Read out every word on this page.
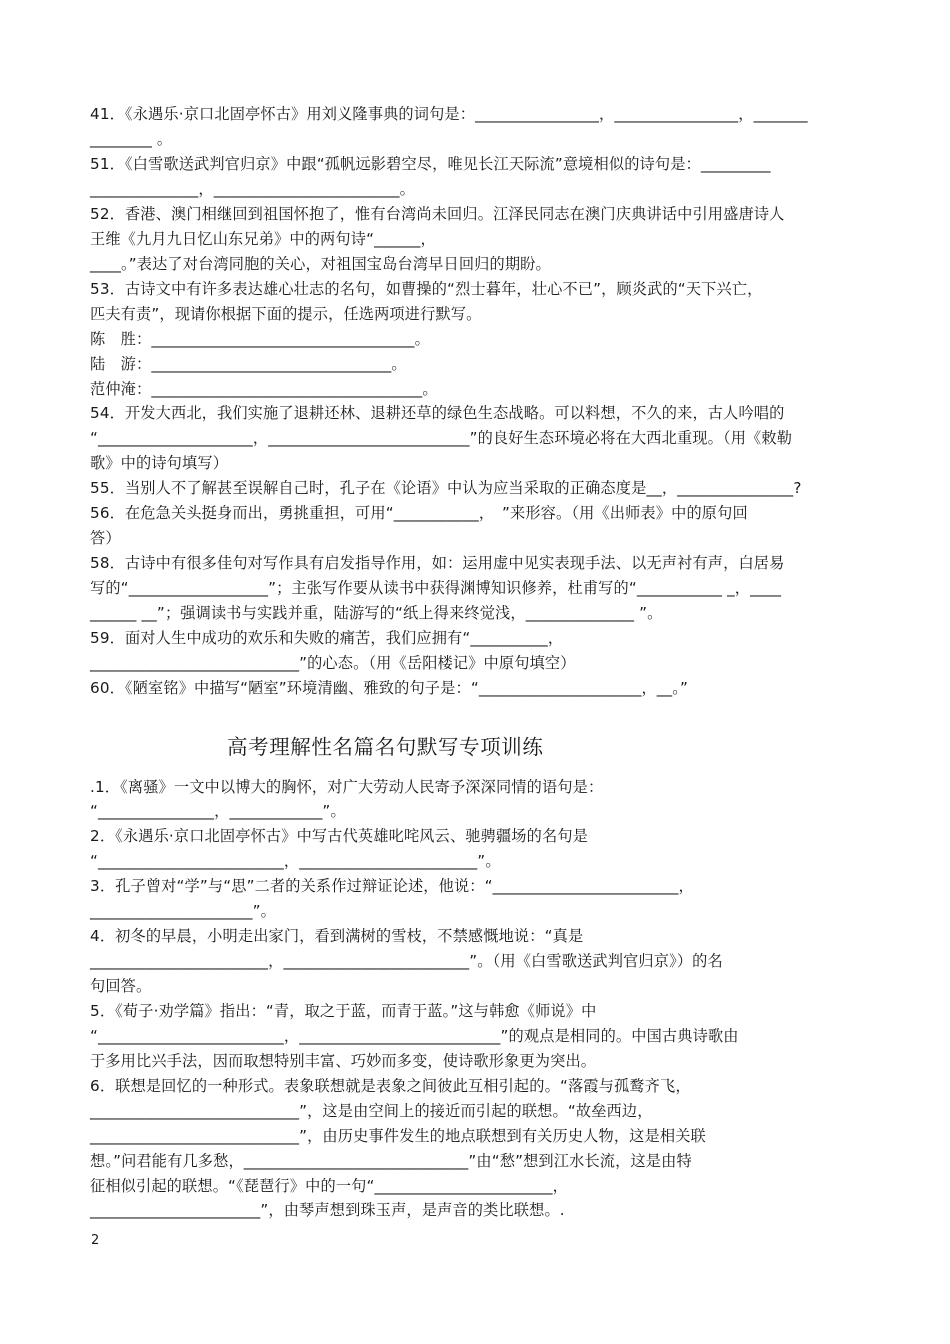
41．《永遇乐·京口北固亭怀古》用刘义隆事典的词句是：________________，________________，_______
________ 。
51．《白雪歌送武判官归京》中跟“孤帆远影碧空尽，唯见长江天际流”意境相似的诗句是：_________
______________，________________________。
52．香港、澳门相继回到祖国怀抱了，惟有台湾尚未回归。江泽民同志在澳门庆典讲话中引用盛唐诗人
王维《九月九日忆山东兄弟》中的两句诗“______，
____。”表达了对台湾同胞的关心，对祖国宝岛台湾早日回归的期盼。
53．古诗文中有许多表达雄心壮志的名句，如曹操的“烈士暮年，壮心不已”，顾炎武的“天下兴亡，
匹夫有责”，现请你根据下面的提示，任选两项进行默写。
陈　胜：__________________________________。
陆　游：_______________________________。
范仲淹：___________________________________。
54．开发大西北，我们实施了退耕还林、退耕还草的绿色生态战略。可以料想，不久的来，古人吟唱的
“____________________，__________________________”的良好生态环境必将在大西北重现。（用《敕勒
歌》中的诗句填写）
55．当别人不了解甚至误解自己时，孔子在《论语》中认为应当采取的正确态度是__，_______________?
56．在危急关头挺身而出，勇挑重担，可用“___________，　”来形容。（用《出师表》中的原句回
答）
58．古诗中有很多佳句对写作具有启发指导作用，如：运用虚中见实表现手法、以无声衬有声，白居易
写的“__________________”；主张写作要从读书中获得渊博知识修养，杜甫写的“___________ _，____
______ __”；强调读书与实践并重，陆游写的“纸上得来终觉浅，______________ ”。
59．面对人生中成功的欢乐和失败的痛苦，我们应拥有“__________，
___________________________”的心态。（用《岳阳楼记》中原句填空）
60．《陋室铭》中描写“陋室”环境清幽、雅致的句子是：“_____________________，__。”
高考理解性名篇名句默写专项训练
.1．《离骚》一文中以博大的胸怀，对广大劳动人民寄予深深同情的语句是：
“_______________，____________”。
2．《永遇乐·京口北固亭怀古》中写古代英雄叱咤风云、驰骋疆场的名句是
“________________________，_______________________”。
3．孔子曾对“学”与“思”二者的关系作过辩证论述，他说：“________________________，
_____________________”。
4．初冬的早晨，小明走出家门，看到满树的雪枝，不禁感慨地说：“真是
_______________________，________________________”。（用《白雪歌送武判官归京》）的名
句回答。
5．《荀子·劝学篇》指出：“青，取之于蓝，而青于蓝。”这与韩愈《师说》中
“________________________，__________________________”的观点是相同的。中国古典诗歌由
于多用比兴手法，因而取想特别丰富、巧妙而多变，使诗歌形象更为突出。
6．联想是回忆的一种形式。表象联想就是表象之间彼此互相引起的。“落霞与孤鹜齐飞，
___________________________”，这是由空间上的接近而引起的联想。“故垒西边，
___________________________”，由历史事件发生的地点联想到有关历史人物，这是相关联
想。”问君能有几多愁，_____________________________”由“愁”想到江水长流，这是由特
征相似引起的联想。“《琵琶行》中的一句“_______________________，
______________________”，由琴声想到珠玉声，是声音的类比联想。.
2
